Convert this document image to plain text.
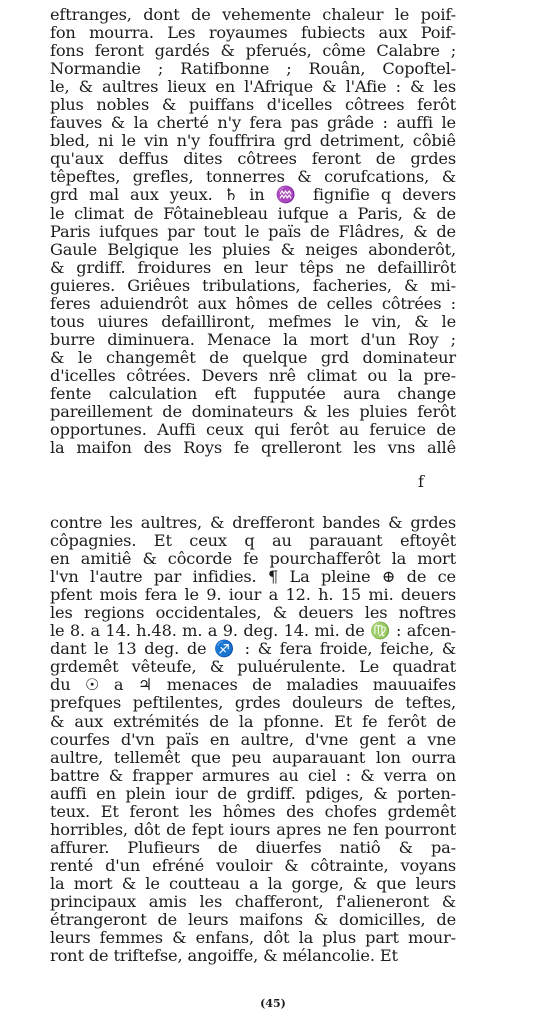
eftranges, dont de vehemente chaleur le poif-
fon mourra. Les royaumes fubiects aux Poif-
fons feront gardés & pferués, côme Calabre ;
Normandie ; Ratifbonne ; Rouân, Copoftel-
le, & aultres lieux en l'Afrique & l'Afie : & les
plus nobles & puiffans d'icelles côtrees ferôt
fauves & la cherté n'y fera pas grâde : auffi le
bled, ni le vin n'y fouffrira grd detriment, côbiê
qu'aux deffus dites côtrees feront de grdes
têpeftes, grefles, tonnerres & corufcations, &
grd mal aux yeux. ♄ in ♒ fignifie q devers
le climat de Fôtainebleau iufque a Paris, & de
Paris iufques par tout le païs de Flâdres, & de
Gaule Belgique les pluies & neiges abonderôt,
& grdiff. froidures en leur têps ne defaillirôt
guieres. Griêues tribulations, facheries, & mi-
feres aduiendrôt aux hômes de celles côtrées :
tous uiures defailliront, mefmes le vin, & le
burre diminuera. Menace la mort d'un Roy ;
& le changemêt de quelque grd dominateur
d'icelles côtrées. Devers nrê climat ou la pre-
fente calculation eft fupputée aura change
pareillement de dominateurs & les pluies ferôt
opportunes. Auffi ceux qui ferôt au feruice de
la maifon des Roys fe qrelleront les vns allê
f
contre les aultres, & drefferont bandes & grdes
côpagnies. Et ceux q au parauant eftoyêt
en amitiê & côcorde fe pourchafferôt la mort
l'vn l'autre par infidies. ¶ La pleine ⊕ de ce
pfent mois fera le 9. iour a 12. h. 15 mi. deuers
les regions occidentales, & deuers les noftres
le 8. a 14. h.48. m. a 9. deg. 14. mi. de ♍ : afcen-
dant le 13 deg. de ♐ : & fera froide, feiche, &
grdemêt vêteufe, & puluérulente. Le quadrat
du ☉ a ♃ menaces de maladies mauuaifes
prefques peftilentes, grdes douleurs de teftes,
& aux extrémités de la pfonne. Et fe ferôt de
courfes d'vn païs en aultre, d'vne gent a vne
aultre, tellemêt que peu auparauant lon ourra
battre & frapper armures au ciel : & verra on
auffi en plein iour de grdiff. pdiges, & porten-
teux. Et feront les hômes des chofes grdemêt
horribles, dôt de fept iours apres ne fen pourront
affurer. Plufieurs de diuerfes natiô & pa-
renté d'un efréné vouloir & côtrainte, voyans
la mort & le coutteau a la gorge, & que leurs
principaux amis les chafferont, f'alieneront &
étrangeront de leurs maifons & domicilles, de
leurs femmes & enfans, dôt la plus part mour-
ront de triftefse, angoiffe, & mélancolie. Et
(45)
